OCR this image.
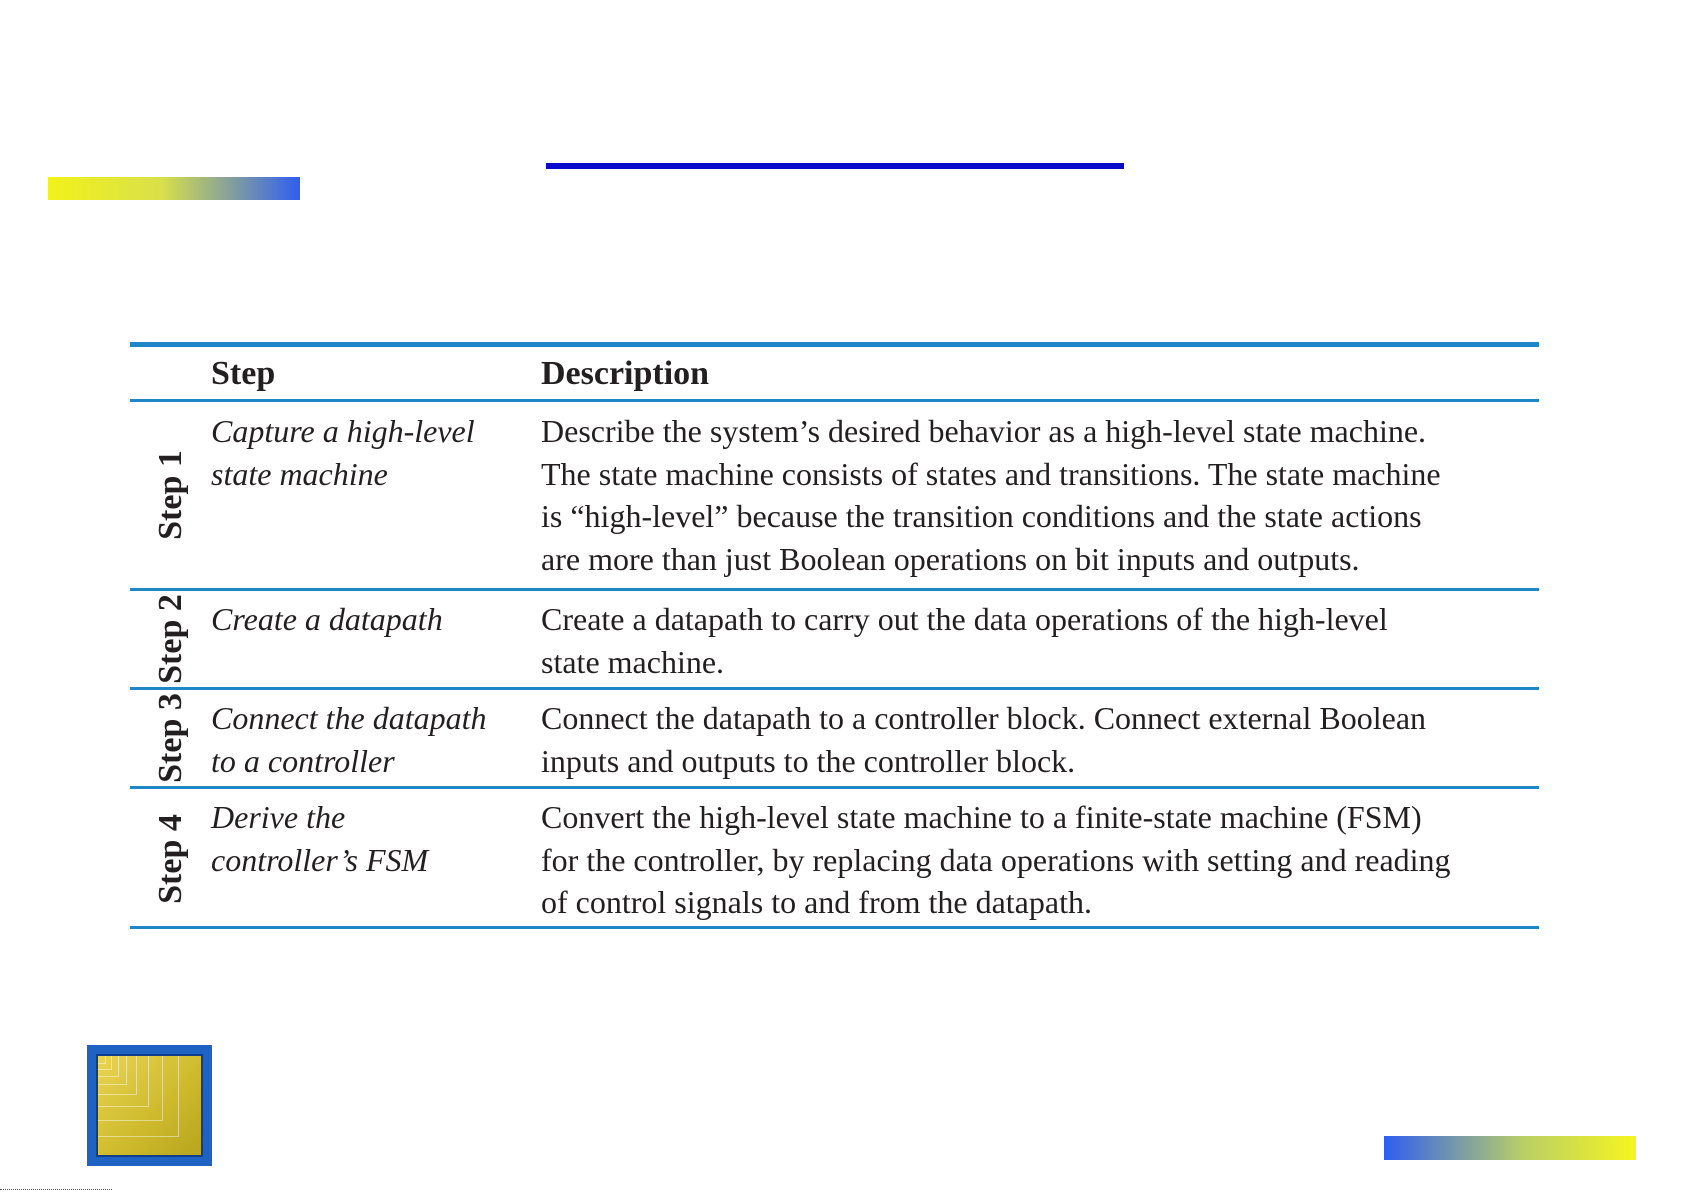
Step	Description
Step 1
Capture a high-level
state machine
Describe the system’s desired behavior as a high-level state machine.
The state machine consists of states and transitions. The state machine
is “high-level” because the transition conditions and the state actions
are more than just Boolean operations on bit inputs and outputs.
Step 2 Create a datapath	Create a datapath to carry out the data operations of the high-level
state machine.
Step 3 Connect the datapath
to a controller
Connect the datapath to a controller block. Connect external Boolean
inputs and outputs to the controller block.
Step 4 Derive the
controller’s FSM
Convert the high-level state machine to a finite-state machine (FSM)
for the controller, by replacing data operations with setting and reading
of control signals to and from the datapath.
